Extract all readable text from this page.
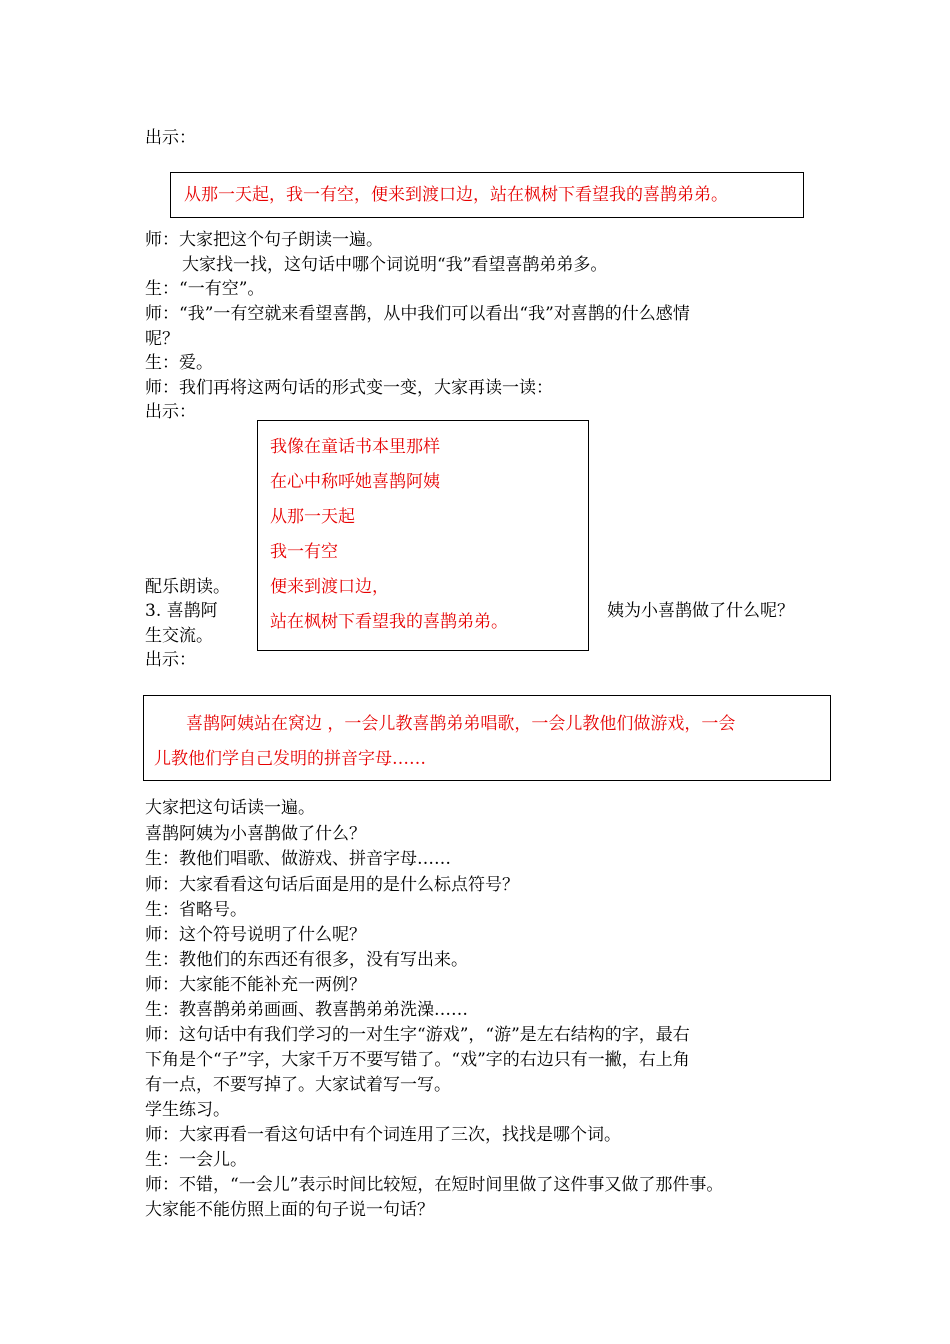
出示：
从那一天起，我一有空，便来到渡口边，站在枫树下看望我的喜鹊弟弟。
师：大家把这个句子朗读一遍。
大家找一找，这句话中哪个词说明“我”看望喜鹊弟弟多。
生：“一有空”。
师：“我”一有空就来看望喜鹊，从中我们可以看出“我”对喜鹊的什么感情
呢？
生：爱。
师：我们再将这两句话的形式变一变，大家再读一读：
出示：
配乐朗读。
3. 喜鹊阿
生交流。
出示：
姨为小喜鹊做了什么呢？
我像在童话书本里那样
在心中称呼她喜鹊阿姨
从那一天起
我一有空
便来到渡口边，
站在枫树下看望我的喜鹊弟弟。
喜鹊阿姨站在窝边 ，一会儿教喜鹊弟弟唱歌，一会儿教他们做游戏，一会
儿教他们学自己发明的拼音字母……
大家把这句话读一遍。
喜鹊阿姨为小喜鹊做了什么？
生：教他们唱歌、做游戏、拼音字母……
师：大家看看这句话后面是用的是什么标点符号？
生：省略号。
师：这个符号说明了什么呢？
生：教他们的东西还有很多，没有写出来。
师：大家能不能补充一两例？
生：教喜鹊弟弟画画、教喜鹊弟弟洗澡……
师：这句话中有我们学习的一对生字“游戏”，“游”是左右结构的字，最右
下角是个“子”字，大家千万不要写错了。“戏”字的右边只有一撇，右上角
有一点，不要写掉了。大家试着写一写。
学生练习。
师：大家再看一看这句话中有个词连用了三次，找找是哪个词。
生：一会儿。
师：不错，“一会儿”表示时间比较短，在短时间里做了这件事又做了那件事。
大家能不能仿照上面的句子说一句话？
